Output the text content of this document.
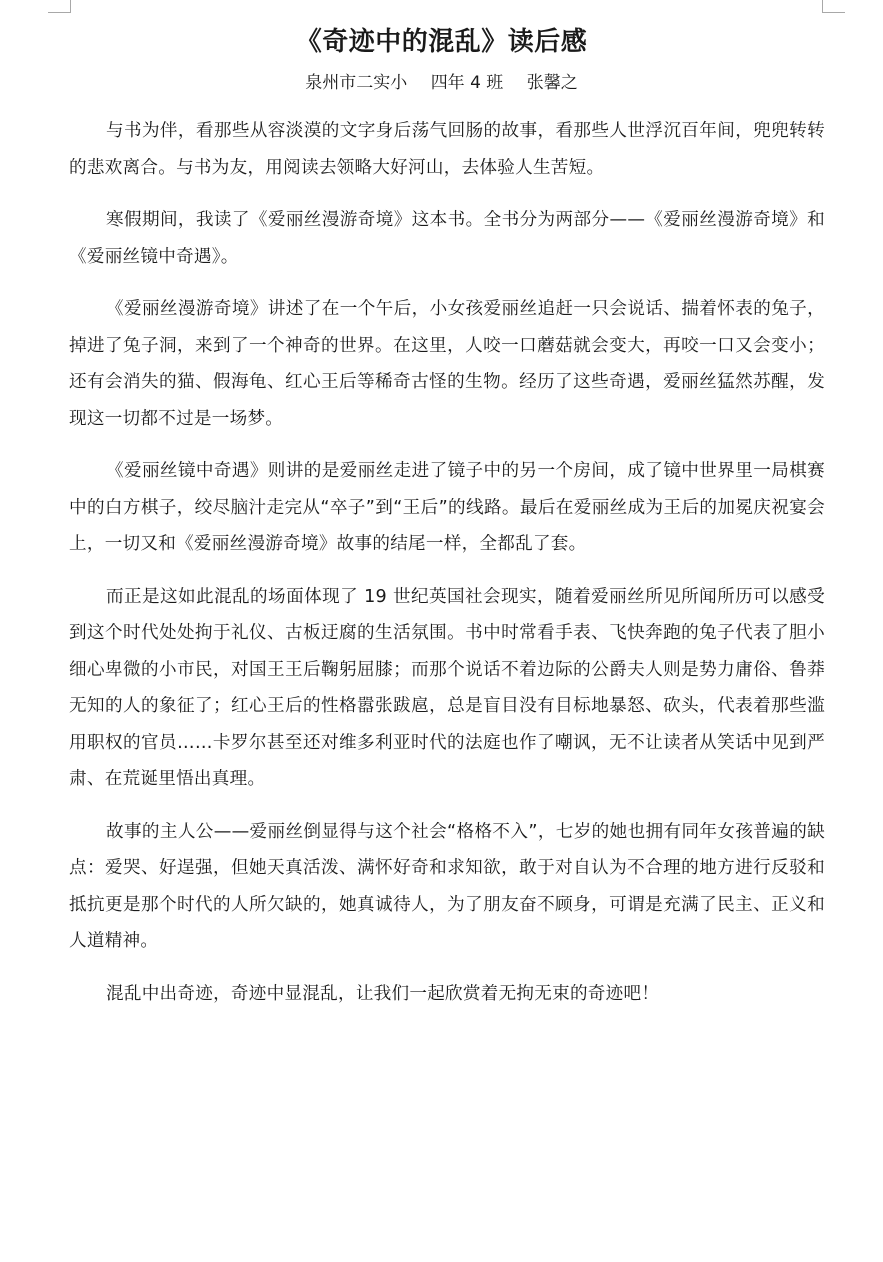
《奇迹中的混乱》读后感
泉州市二实小 四年 4 班 张馨之

与书为伴，看那些从容淡漠的文字身后荡气回肠的故事，看那些人世浮沉百年间，兜兜转转的悲欢离合。与书为友，用阅读去领略大好河山，去体验人生苦短。

寒假期间，我读了《爱丽丝漫游奇境》这本书。全书分为两部分——《爱丽丝漫游奇境》和《爱丽丝镜中奇遇》。

《爱丽丝漫游奇境》讲述了在一个午后，小女孩爱丽丝追赶一只会说话、揣着怀表的兔子，掉进了兔子洞，来到了一个神奇的世界。在这里，人咬一口蘑菇就会变大，再咬一口又会变小；还有会消失的猫、假海龟、红心王后等稀奇古怪的生物。经历了这些奇遇，爱丽丝猛然苏醒，发现这一切都不过是一场梦。

《爱丽丝镜中奇遇》则讲的是爱丽丝走进了镜子中的另一个房间，成了镜中世界里一局棋赛中的白方棋子，绞尽脑汁走完从“卒子”到“王后”的线路。最后在爱丽丝成为王后的加冕庆祝宴会上，一切又和《爱丽丝漫游奇境》故事的结尾一样，全都乱了套。

而正是这如此混乱的场面体现了 19 世纪英国社会现实，随着爱丽丝所见所闻所历可以感受到这个时代处处拘于礼仪、古板迂腐的生活氛围。书中时常看手表、飞快奔跑的兔子代表了胆小细心卑微的小市民，对国王王后鞠躬屈膝；而那个说话不着边际的公爵夫人则是势力庸俗、鲁莽无知的人的象征了；红心王后的性格嚣张跋扈，总是盲目没有目标地暴怒、砍头，代表着那些滥用职权的官员……卡罗尔甚至还对维多利亚时代的法庭也作了嘲讽，无不让读者从笑话中见到严肃、在荒诞里悟出真理。

故事的主人公——爱丽丝倒显得与这个社会“格格不入”，七岁的她也拥有同年女孩普遍的缺点：爱哭、好逞强，但她天真活泼、满怀好奇和求知欲，敢于对自认为不合理的地方进行反驳和抵抗更是那个时代的人所欠缺的，她真诚待人，为了朋友奋不顾身，可谓是充满了民主、正义和人道精神。

混乱中出奇迹，奇迹中显混乱，让我们一起欣赏着无拘无束的奇迹吧！
